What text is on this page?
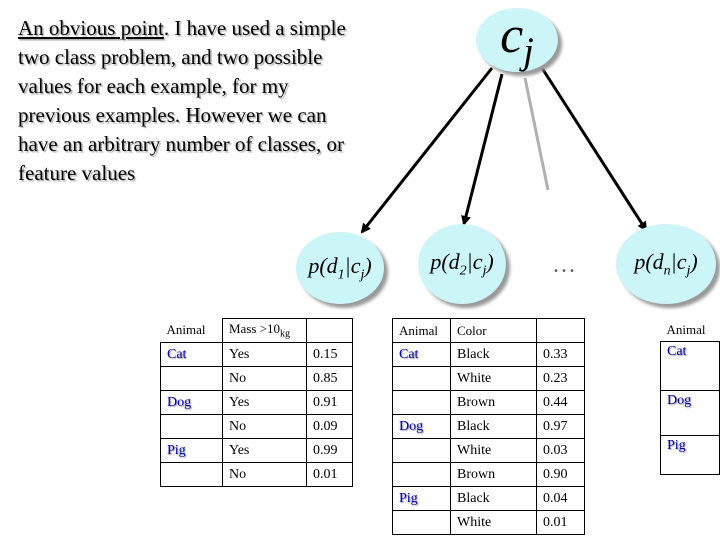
An obvious point. I have used a simple two class problem, and two possible values for each example, for my previous examples. However we can have an arbitrary number of classes, or feature values
$c_j$
$p(d_1|c_j)$	$p(d_2|c_j)$ …	$p(d_n|c_j)$
Animal	Mass $>10_{kg}$	
Cat	Yes	0.15
	No	0.85
Dog	Yes	0.91
	No	0.09
Pig	Yes	0.99
	No	0.01
Animal	Color	
Cat	Black	0.33
	White	0.23
	Brown	0.44
Dog	Black	0.97
	White	0.03
	Brown	0.90
Pig	Black	0.04
	White	0.01
Animal
Cat
Dog
Pig
